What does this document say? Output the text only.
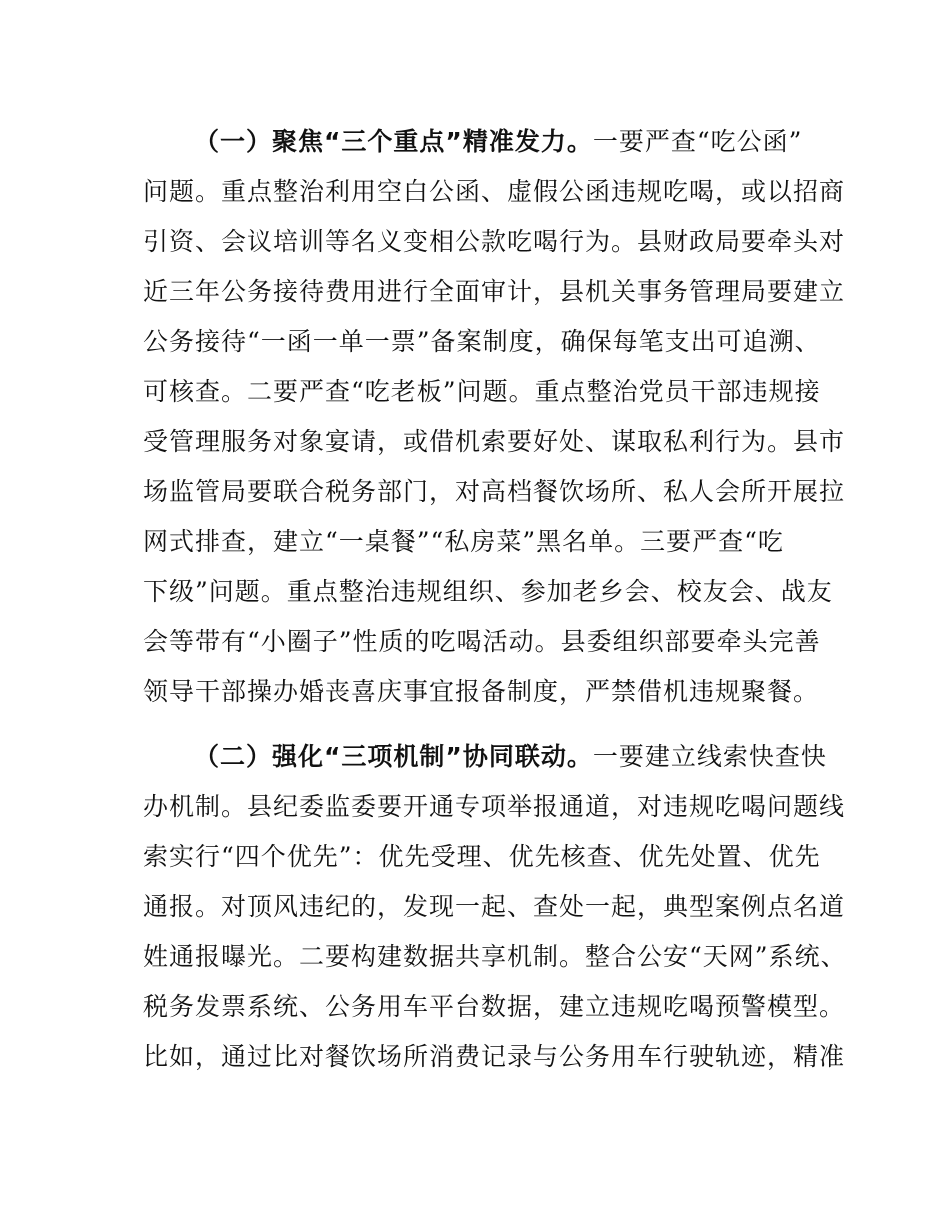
（一）聚焦“三个重点”精准发力。一要严查“吃公函”
问题。重点整治利用空白公函、虚假公函违规吃喝，或以招商
引资、会议培训等名义变相公款吃喝行为。县财政局要牵头对
近三年公务接待费用进行全面审计，县机关事务管理局要建立
公务接待“一函一单一票”备案制度，确保每笔支出可追溯、
可核查。二要严查“吃老板”问题。重点整治党员干部违规接
受管理服务对象宴请，或借机索要好处、谋取私利行为。县市
场监管局要联合税务部门，对高档餐饮场所、私人会所开展拉
网式排查，建立“一桌餐”“私房菜”黑名单。三要严查“吃
下级”问题。重点整治违规组织、参加老乡会、校友会、战友
会等带有“小圈子”性质的吃喝活动。县委组织部要牵头完善
领导干部操办婚丧喜庆事宜报备制度，严禁借机违规聚餐。
（二）强化“三项机制”协同联动。一要建立线索快查快
办机制。县纪委监委要开通专项举报通道，对违规吃喝问题线
索实行“四个优先”：优先受理、优先核查、优先处置、优先
通报。对顶风违纪的，发现一起、查处一起，典型案例点名道
姓通报曝光。二要构建数据共享机制。整合公安“天网”系统、
税务发票系统、公务用车平台数据，建立违规吃喝预警模型。
比如，通过比对餐饮场所消费记录与公务用车行驶轨迹，精准
